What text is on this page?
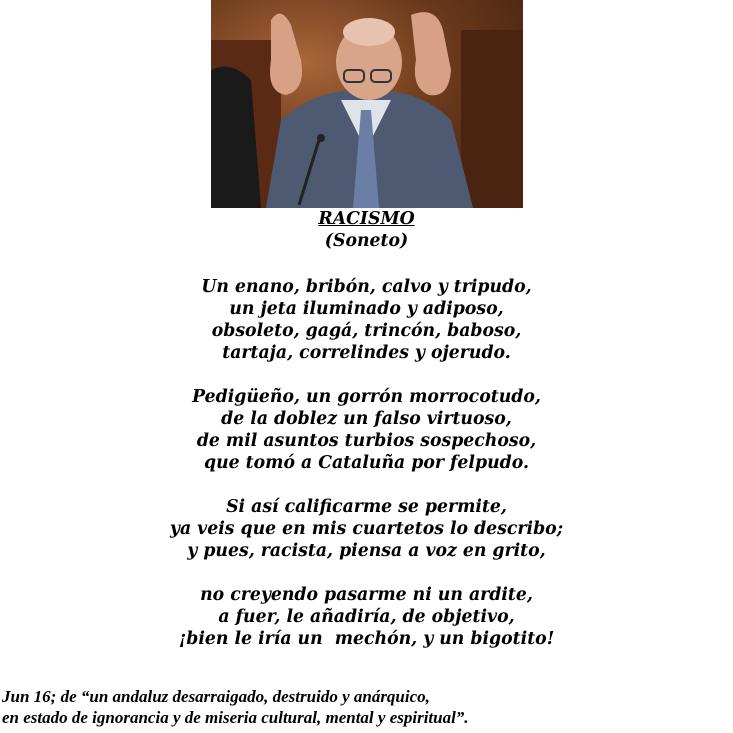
RACISMO
(Soneto)
Un enano, bribón, calvo y tripudo,
un jeta iluminado y adiposo,
obsoleto, gagá, trincón, baboso,
tartaja, correlindes y ojerudo.
Pedigüeño, un gorrón morrocotudo,
de la doblez un falso virtuoso,
de mil asuntos turbios sospechoso,
que tomó a Cataluña por felpudo.
Si así calificarme se permite,
ya veis que en mis cuartetos lo describo;
y pues, racista, piensa a voz en grito,
no creyendo pasarme ni un ardite,
a fuer, le añadiría, de objetivo,
¡bien le iría un  mechón, y un bigotito!
Jun 16; de “un andaluz desarraigado, destruido y anárquico,
en estado de ignorancia y de miseria cultural, mental y espiritual”.
